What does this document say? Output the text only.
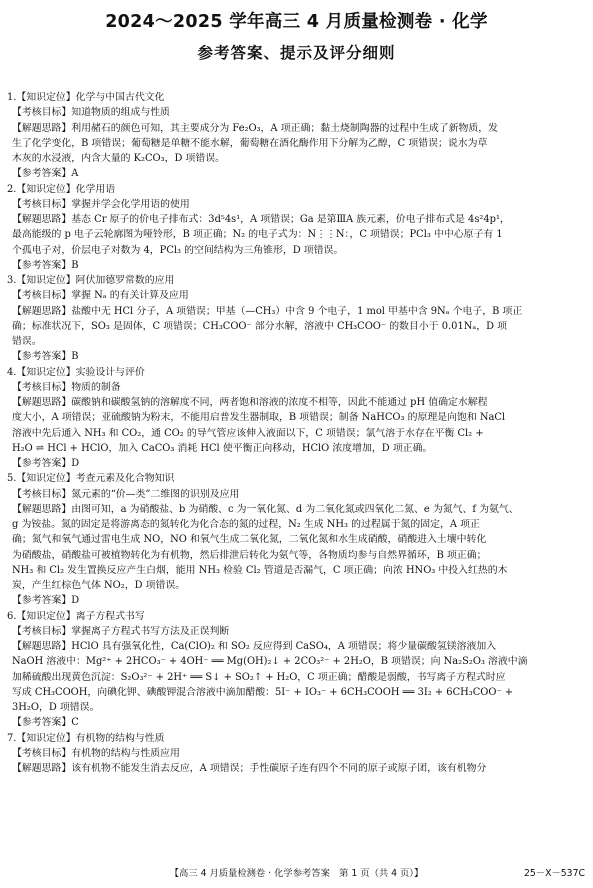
2024～2025 学年高三 4 月质量检测卷 · 化学
参考答案、提示及评分细则
1.【知识定位】化学与中国古代文化
【考核目标】知道物质的组成与性质
【解题思路】利用赭石的颜色可知，其主要成分为 Fe₂O₃，A 项正确；黏土烧制陶器的过程中生成了新物质，发
生了化学变化，B 项错误；葡萄糖是单糖不能水解，葡萄糖在酒化酶作用下分解为乙醇，C 项错误；说水为草
木灰的水浸液，内含大量的 K₂CO₃，D 项错误。
【参考答案】A
2.【知识定位】化学用语
【考核目标】掌握并学会化学用语的使用
【解题思路】基态 Cr 原子的价电子排布式：3d⁵4s¹，A 项错误；Ga 是第ⅢA 族元素，价电子排布式是 4s²4p¹，
最高能级的 p 电子云轮廓图为哑铃形，B 项正确；N₂ 的电子式为：N⋮⋮N：，C 项错误；PCl₃ 中中心原子有 1
个孤电子对，价层电子对数为 4，PCl₃ 的空间结构为三角锥形，D 项错误。
【参考答案】B
3.【知识定位】阿伏加德罗常数的应用
【考核目标】掌握 Nₐ 的有关计算及应用
【解题思路】盐酸中无 HCl 分子，A 项错误；甲基（—CH₃）中含 9 个电子，1 mol 甲基中含 9Nₐ 个电子，B 项正
确；标准状况下，SO₃ 是固体，C 项错误；CH₃COO⁻ 部分水解，溶液中 CH₃COO⁻ 的数目小于 0.01Nₐ，D 项
错误。
【参考答案】B
4.【知识定位】实验设计与评价
【考核目标】物质的制备
【解题思路】碳酸钠和碳酸氢钠的溶解度不同，两者饱和溶液的浓度不相等，因此不能通过 pH 值确定水解程
度大小，A 项错误；亚硫酸钠为粉末，不能用启普发生器制取，B 项错误；制备 NaHCO₃ 的原理是向饱和 NaCl
溶液中先后通入 NH₃ 和 CO₂，通 CO₂ 的导气管应该伸入液面以下，C 项错误；氯气溶于水存在平衡 Cl₂ +
H₂O ⇌ HCl + HClO，加入 CaCO₃ 消耗 HCl 使平衡正向移动，HClO 浓度增加，D 项正确。
【参考答案】D
5.【知识定位】考查元素及化合物知识
【考核目标】氮元素的“价—类”二维图的识别及应用
【解题思路】由图可知，a 为硝酸盐、b 为硝酸、c 为一氧化氮、d 为二氧化氮或四氧化二氮、e 为氮气、f 为氨气、
g 为铵盐。氮的固定是将游离态的氮转化为化合态的氮的过程，N₂ 生成 NH₃ 的过程属于氮的固定，A 项正
确；氮气和氧气通过雷电生成 NO，NO 和氧气生成二氧化氮，二氧化氮和水生成硝酸，硝酸进入土壤中转化
为硝酸盐，硝酸盐可被植物转化为有机物，然后排泄后转化为氨气等，各物质均参与自然界循环，B 项正确；
NH₃ 和 Cl₂ 发生置换反应产生白烟，能用 NH₃ 检验 Cl₂ 管道是否漏气，C 项正确；向浓 HNO₃ 中投入红热的木
炭，产生红棕色气体 NO₂，D 项错误。
【参考答案】D
6.【知识定位】离子方程式书写
【考核目标】掌握离子方程式书写方法及正误判断
【解题思路】HClO 具有强氧化性，Ca(ClO)₂ 和 SO₂ 反应得到 CaSO₄，A 项错误；将少量碳酸氢镁溶液加入
NaOH 溶液中：Mg²⁺ + 2HCO₃⁻ + 4OH⁻ ══ Mg(OH)₂↓ + 2CO₃²⁻ + 2H₂O，B 项错误；向 Na₂S₂O₃ 溶液中滴
加稀硫酸出现黄色沉淀：S₂O₃²⁻ + 2H⁺ ══ S↓ + SO₂↑ + H₂O，C 项正确；醋酸是弱酸，书写离子方程式时应
写成 CH₃COOH，向碘化钾、碘酸钾混合溶液中滴加醋酸：5I⁻ + IO₃⁻ + 6CH₃COOH ══ 3I₂ + 6CH₃COO⁻ +
3H₂O，D 项错误。
【参考答案】C
7.【知识定位】有机物的结构与性质
【考核目标】有机物的结构与性质应用
【解题思路】该有机物不能发生消去反应，A 项错误；手性碳原子连有四个不同的原子或原子团，该有机物分
【高三 4 月质量检测卷 · 化学参考答案　第 1 页（共 4 页）】	25－X－537C
